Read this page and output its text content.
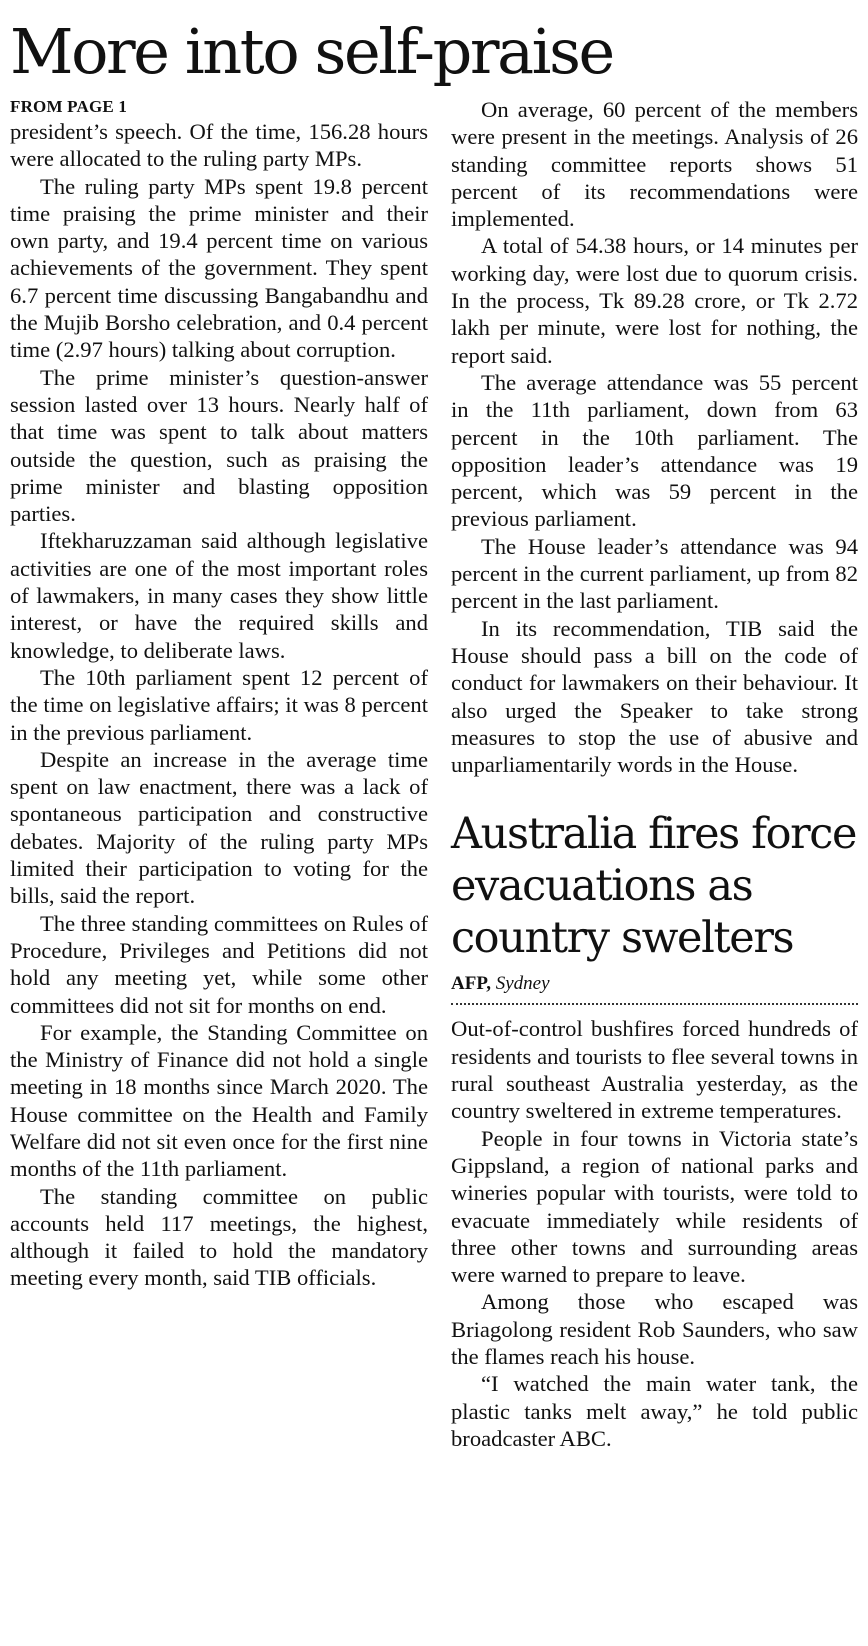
More into self-praise
FROM PAGE 1

president’s speech. Of the time, 156.28 hours were allocated to the ruling party MPs.

The ruling party MPs spent 19.8 percent time praising the prime minister and their own party, and 19.4 percent time on various achievements of the government. They spent 6.7 percent time discussing Bangabandhu and the Mujib Borsho celebration, and 0.4 percent time (2.97 hours) talking about corruption.

The prime minister’s question-answer session lasted over 13 hours. Nearly half of that time was spent to talk about matters outside the question, such as praising the prime minister and blasting opposition parties.

Iftekharuzzaman said although legislative activities are one of the most important roles of lawmakers, in many cases they show little interest, or have the required skills and knowledge, to deliberate laws.

The 10th parliament spent 12 percent of the time on legislative affairs; it was 8 percent in the previous parliament.

Despite an increase in the average time spent on law enactment, there was a lack of spontaneous participation and constructive debates. Majority of the ruling party MPs limited their participation to voting for the bills, said the report.

The three standing committees on Rules of Procedure, Privileges and Petitions did not hold any meeting yet, while some other committees did not sit for months on end.

For example, the Standing Committee on the Ministry of Finance did not hold a single meeting in 18 months since March 2020. The House committee on the Health and Family Welfare did not sit even once for the first nine months of the 11th parliament.

The standing committee on public accounts held 117 meetings, the highest, although it failed to hold the mandatory meeting every month, said TIB officials.

On average, 60 percent of the members were present in the meetings. Analysis of 26 standing committee reports shows 51 percent of its recommendations were implemented.

A total of 54.38 hours, or 14 minutes per working day, were lost due to quorum crisis. In the process, Tk 89.28 crore, or Tk 2.72 lakh per minute, were lost for nothing, the report said.

The average attendance was 55 percent in the 11th parliament, down from 63 percent in the 10th parliament. The opposition leader’s attendance was 19 percent, which was 59 percent in the previous parliament.

The House leader’s attendance was 94 percent in the current parliament, up from 82 percent in the last parliament.

In its recommendation, TIB said the House should pass a bill on the code of conduct for lawmakers on their behaviour. It also urged the Speaker to take strong measures to stop the use of abusive and unparliamentarily words in the House.

Australia fires force evacuations as country swelters
AFP, Sydney

Out-of-control bushfires forced hundreds of residents and tourists to flee several towns in rural southeast Australia yesterday, as the country sweltered in extreme temperatures.

People in four towns in Victoria state’s Gippsland, a region of national parks and wineries popular with tourists, were told to evacuate immediately while residents of three other towns and surrounding areas were warned to prepare to leave.

Among those who escaped was Briagolong resident Rob Saunders, who saw the flames reach his house.

“I watched the main water tank, the plastic tanks melt away,” he told public broadcaster ABC.
